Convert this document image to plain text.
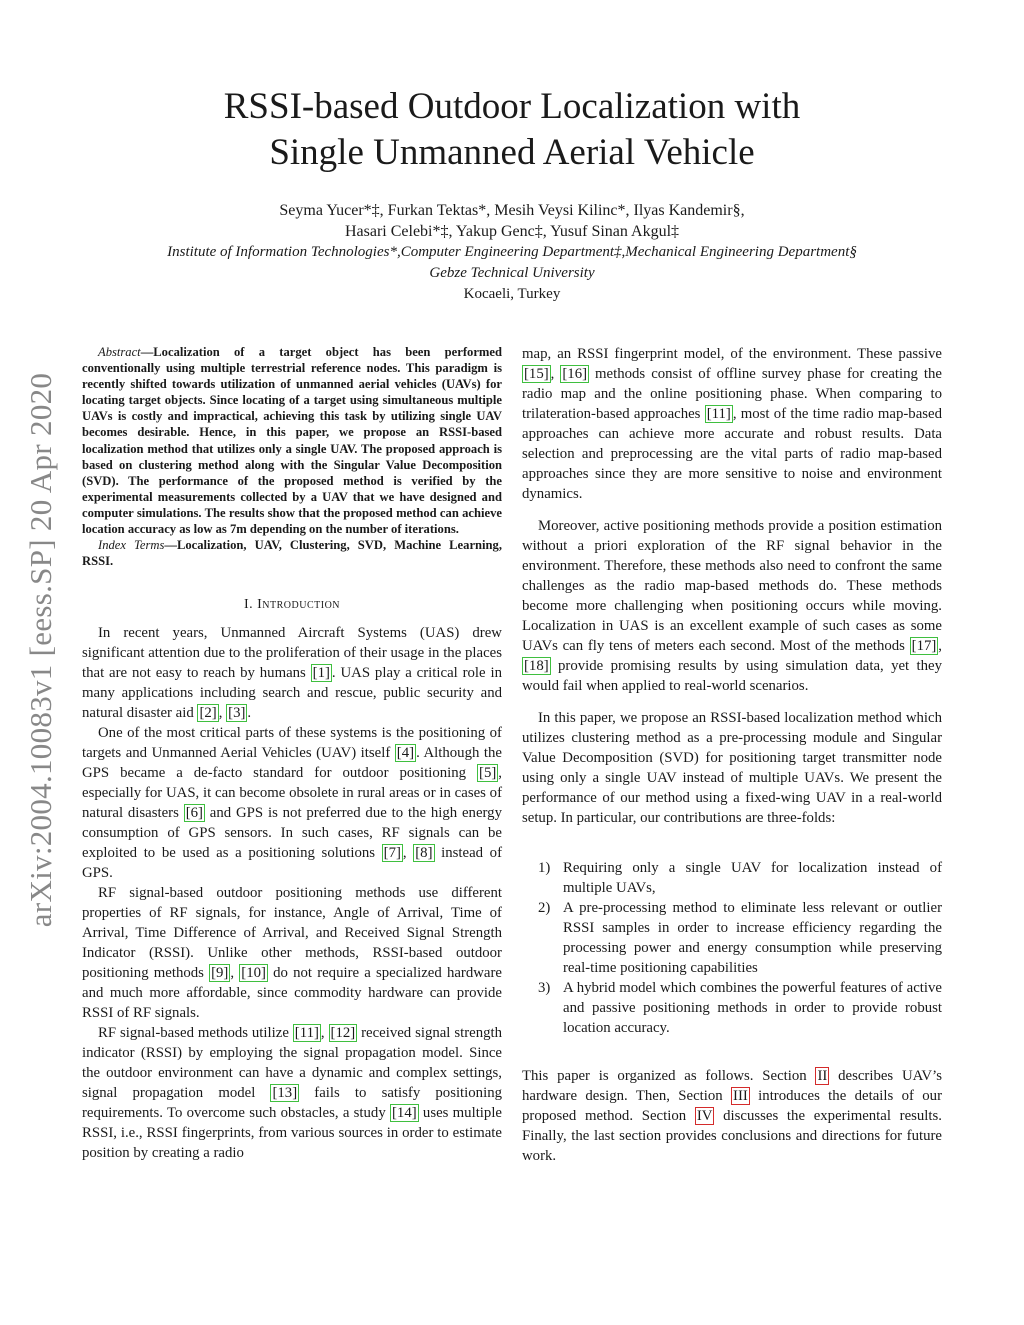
arXiv:2004.10083v1 [eess.SP] 20 Apr 2020
RSSI-based Outdoor Localization with
Single Unmanned Aerial Vehicle
Seyma Yucer*‡, Furkan Tektas*, Mesih Veysi Kilinc*, Ilyas Kandemir§,
Hasari Celebi*‡, Yakup Genc‡, Yusuf Sinan Akgul‡
Institute of Information Technologies*,Computer Engineering Department‡,Mechanical Engineering Department§
Gebze Technical University
Kocaeli, Turkey

Abstract—Localization of a target object has been performed conventionally using multiple terrestrial reference nodes. This paradigm is recently shifted towards utilization of unmanned aerial vehicles (UAVs) for locating target objects. Since locating of a target using simultaneous multiple UAVs is costly and impractical, achieving this task by utilizing single UAV becomes desirable. Hence, in this paper, we propose an RSSI-based localization method that utilizes only a single UAV. The proposed approach is based on clustering method along with the Singular Value Decomposition (SVD). The performance of the proposed method is verified by the experimental measurements collected by a UAV that we have designed and computer simulations. The results show that the proposed method can achieve location accuracy as low as 7m depending on the number of iterations.

Index Terms—Localization, UAV, Clustering, SVD, Machine Learning, RSSI.

I. Introduction

In recent years, Unmanned Aircraft Systems (UAS) drew significant attention due to the proliferation of their usage in the places that are not easy to reach by humans [1] . UAS play a critical role in many applications including search and rescue, public security and natural disaster aid [2] , [3] .

One of the most critical parts of these systems is the positioning of targets and Unmanned Aerial Vehicles (UAV) itself [4] . Although the GPS became a de-facto standard for outdoor positioning [5] , especially for UAS, it can become obsolete in rural areas or in cases of natural disasters [6] and GPS is not preferred due to the high energy consumption of GPS sensors. In such cases, RF signals can be exploited to be used as a positioning solutions [7] , [8] instead of GPS.

RF signal-based outdoor positioning methods use different properties of RF signals, for instance, Angle of Arrival, Time of Arrival, Time Difference of Arrival, and Received Signal Strength Indicator (RSSI). Unlike other methods, RSSI-based outdoor positioning methods [9] , [10] do not require a specialized hardware and much more affordable, since commodity hardware can provide RSSI of RF signals.

RF signal-based methods utilize [11] , [12] received signal strength indicator (RSSI) by employing the signal propagation model. Since the outdoor environment can have a dynamic and complex settings, signal propagation model [13] fails to satisfy positioning requirements. To overcome such obstacles, a study [14] uses multiple RSSI, i.e., RSSI fingerprints, from various sources in order to estimate position by creating a radio

map, an RSSI fingerprint model, of the environment. These passive [15] , [16] methods consist of offline survey phase for creating the radio map and the online positioning phase. When comparing to trilateration-based approaches [11] , most of the time radio map-based approaches can achieve more accurate and robust results. Data selection and preprocessing are the vital parts of radio map-based approaches since they are more sensitive to noise and environment dynamics.

Moreover, active positioning methods provide a position estimation without a priori exploration of the RF signal behavior in the environment. Therefore, these methods also need to confront the same challenges as the radio map-based methods do. These methods become more challenging when positioning occurs while moving. Localization in UAS is an excellent example of such cases as some UAVs can fly tens of meters each second. Most of the methods [17] , [18] provide promising results by using simulation data, yet they would fail when applied to real-world scenarios.

In this paper, we propose an RSSI-based localization method which utilizes clustering method as a pre-processing module and Singular Value Decomposition (SVD) for positioning target transmitter node using only a single UAV instead of multiple UAVs. We present the performance of our method using a fixed-wing UAV in a real-world setup. In particular, our contributions are three-folds:

1) Requiring only a single UAV for localization instead of multiple UAVs,
2) A pre-processing method to eliminate less relevant or outlier RSSI samples in order to increase efficiency regarding the processing power and energy consumption while preserving real-time positioning capabilities
3) A hybrid model which combines the powerful features of active and passive positioning methods in order to provide robust location accuracy.

This paper is organized as follows. Section II describes UAV’s hardware design. Then, Section III introduces the details of our proposed method. Section IV discusses the experimental results. Finally, the last section provides conclusions and directions for future work.
